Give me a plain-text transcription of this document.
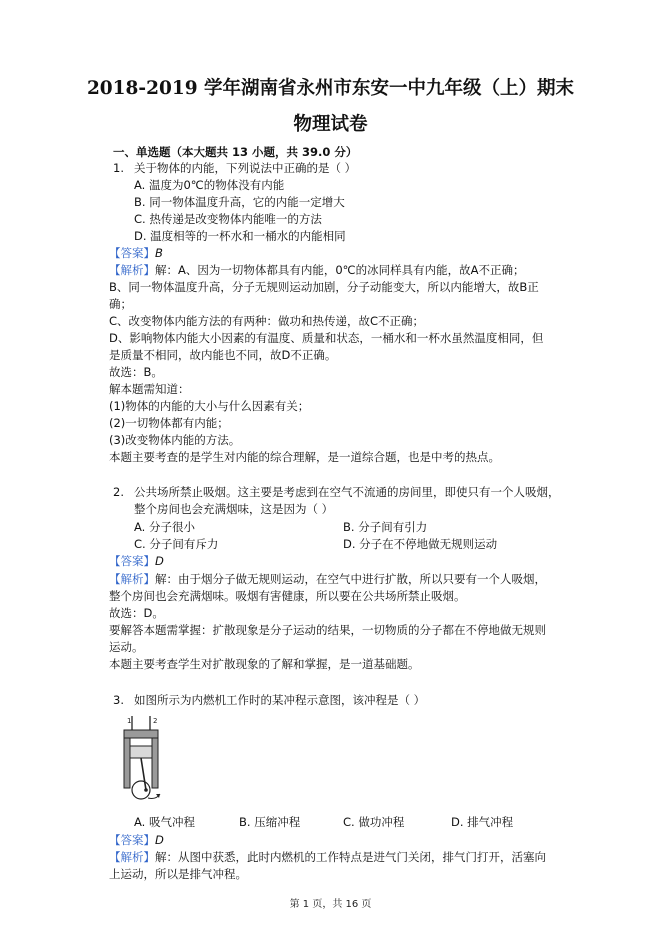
2018-2019 学年湖南省永州市东安一中九年级（上）期末
物理试卷
一、单选题（本大题共 13 小题，共 39.0 分）
1. 关于物体的内能，下列说法中正确的是（ ）
A. 温度为0℃的物体没有内能
B. 同一物体温度升高，它的内能一定增大
C. 热传递是改变物体内能唯一的方法
D. 温度相等的一杯水和一桶水的内能相同
【答案】B
【解析】解：A、因为一切物体都具有内能，0℃的冰同样具有内能，故A不正确；
B、同一物体温度升高，分子无规则运动加剧，分子动能变大，所以内能增大，故B正
确；
C、改变物体内能方法的有两种：做功和热传递，故C不正确；
D、影响物体内能大小因素的有温度、质量和状态，一桶水和一杯水虽然温度相同，但
是质量不相同，故内能也不同，故D不正确。
故选：B。
解本题需知道：
(1)物体的内能的大小与什么因素有关；
(2)一切物体都有内能；
(3)改变物体内能的方法。
本题主要考查的是学生对内能的综合理解，是一道综合题，也是中考的热点。
2. 公共场所禁止吸烟。这主要是考虑到在空气不流通的房间里，即使只有一个人吸烟，
整个房间也会充满烟味，这是因为（ ）
A. 分子很小	B. 分子间有引力
C. 分子间有斥力	D. 分子在不停地做无规则运动
【答案】D
【解析】解：由于烟分子做无规则运动，在空气中进行扩散，所以只要有一个人吸烟，
整个房间也会充满烟味。吸烟有害健康，所以要在公共场所禁止吸烟。
故选：D。
要解答本题需掌握：扩散现象是分子运动的结果，一切物质的分子都在不停地做无规则
运动。
本题主要考查学生对扩散现象的了解和掌握，是一道基础题。
3. 如图所示为内燃机工作时的某冲程示意图，该冲程是（ ）
1	2
A. 吸气冲程	B. 压缩冲程	C. 做功冲程	D. 排气冲程
【答案】D
【解析】解：从图中获悉，此时内燃机的工作特点是进气门关闭，排气门打开，活塞向
上运动，所以是排气冲程。
第 1 页，共 16 页
